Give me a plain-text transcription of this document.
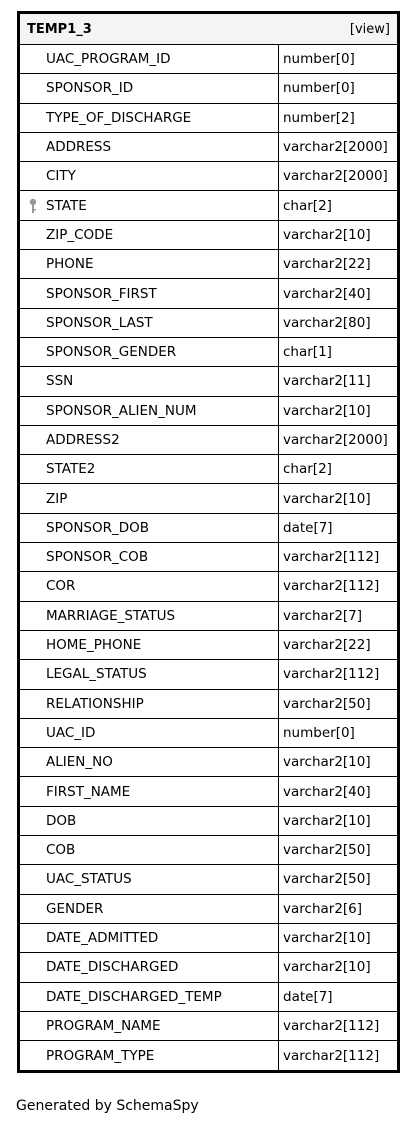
TEMP1_3	[view]
UAC_PROGRAM_ID	number[0]
SPONSOR_ID	number[0]
TYPE_OF_DISCHARGE	number[2]
ADDRESS	varchar2[2000]
CITY	varchar2[2000]
STATE	char[2]
ZIP_CODE	varchar2[10]
PHONE	varchar2[22]
SPONSOR_FIRST	varchar2[40]
SPONSOR_LAST	varchar2[80]
SPONSOR_GENDER	char[1]
SSN	varchar2[11]
SPONSOR_ALIEN_NUM	varchar2[10]
ADDRESS2	varchar2[2000]
STATE2	char[2]
ZIP	varchar2[10]
SPONSOR_DOB	date[7]
SPONSOR_COB	varchar2[112]
COR	varchar2[112]
MARRIAGE_STATUS	varchar2[7]
HOME_PHONE	varchar2[22]
LEGAL_STATUS	varchar2[112]
RELATIONSHIP	varchar2[50]
UAC_ID	number[0]
ALIEN_NO	varchar2[10]
FIRST_NAME	varchar2[40]
DOB	varchar2[10]
COB	varchar2[50]
UAC_STATUS	varchar2[50]
GENDER	varchar2[6]
DATE_ADMITTED	varchar2[10]
DATE_DISCHARGED	varchar2[10]
DATE_DISCHARGED_TEMP	date[7]
PROGRAM_NAME	varchar2[112]
PROGRAM_TYPE	varchar2[112]
Generated by SchemaSpy
